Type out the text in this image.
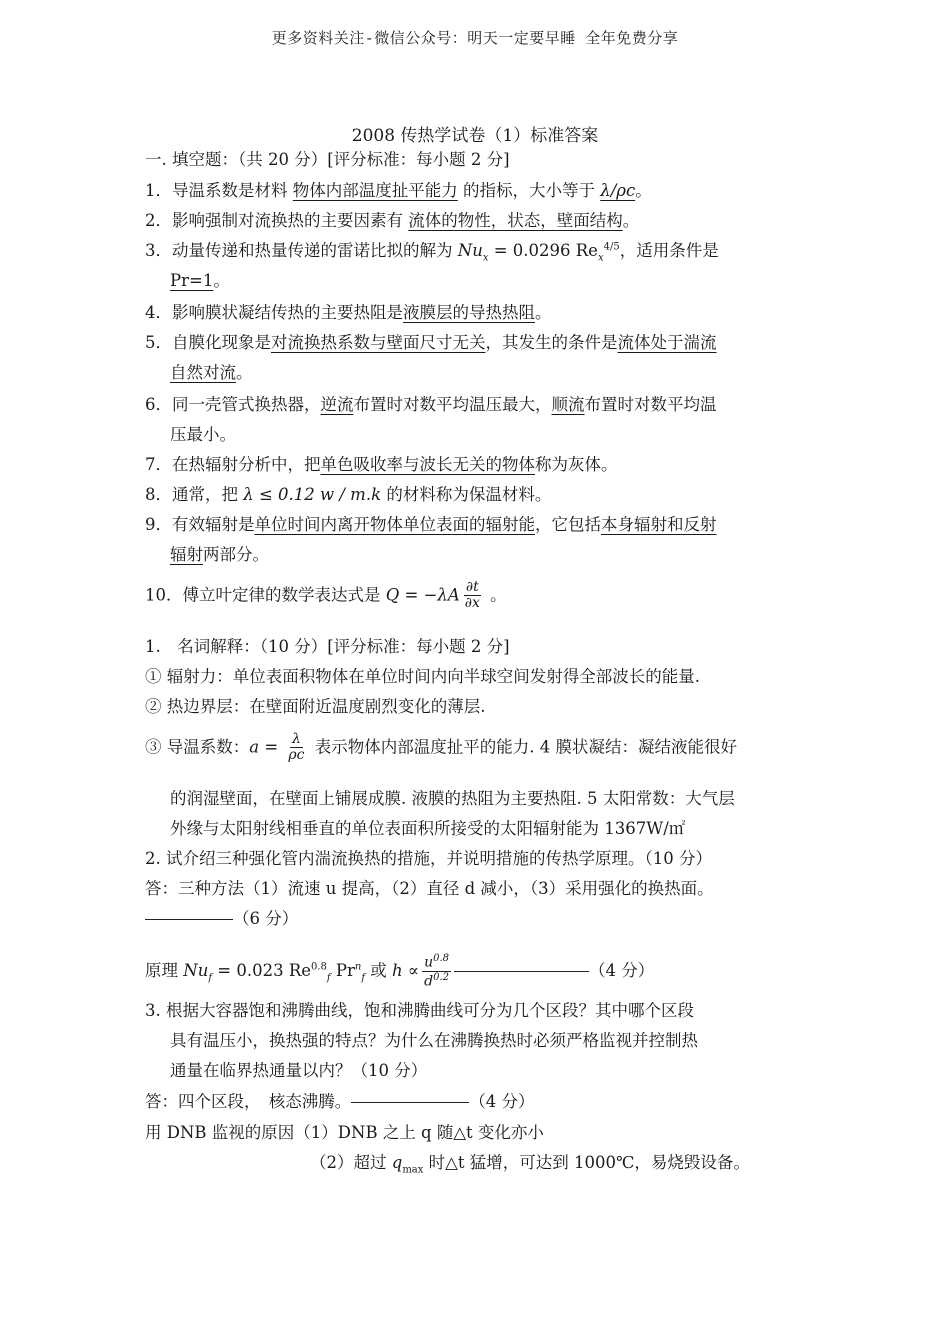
更多资料关注-微信公众号：明天一定要早睡 全年免费分享
2008 传热学试卷（1）标准答案
一. 填空题：（共 20 分）[评分标准：每小题 2 分]
1．导温系数是材料 物体内部温度扯平能力 的指标，大小等于 λ/ρc。
2．影响强制对流换热的主要因素有 流体的物性，状态，壁面结构。
3．动量传递和热量传递的雷诺比拟的解为 $Nu_x = 0.0296$ $Re_x^{4/5}$，适用条件是
Pr=1。
4．影响膜状凝结传热的主要热阻是液膜层的导热热阻。
5．自膜化现象是对流换热系数与壁面尺寸无关，其发生的条件是流体处于湍流
自然对流。
6．同一壳管式换热器，逆流布置时对数平均温压最大，顺流布置时对数平均温
压最小。
7．在热辐射分析中，把单色吸收率与波长无关的物体称为灰体。
8．通常，把 λ ≤ 0.12 w / m.k 的材料称为保温材料。
9．有效辐射是单位时间内离开物体单位表面的辐射能，它包括本身辐射和反射
辐射两部分。
10．傅立叶定律的数学表达式是 $Q = -\lambda A \frac{\partial t}{\partial x}$ 。
1.　名词解释：（10 分）[评分标准：每小题 2 分]
① 辐射力：单位表面积物体在单位时间内向半球空间发射得全部波长的能量.
② 热边界层：在壁面附近温度剧烈变化的薄层.
③ 导温系数：$a = \frac{\lambda}{\rho c}$ 表示物体内部温度扯平的能力. 4 膜状凝结：凝结液能很好
的润湿壁面，在壁面上铺展成膜. 液膜的热阻为主要热阻. 5 太阳常数：大气层
外缘与太阳射线相垂直的单位表面积所接受的太阳辐射能为 1367W/㎡
2. 试介绍三种强化管内湍流换热的措施，并说明措施的传热学原理。（10 分）
答：三种方法（1）流速 u 提高，（2）直径 d 减小，（3）采用强化的换热面。
（6 分）
原理 $Nu_f = 0.023$ $Re^{0.8}_f$ $Pr^n_f$ 或 $h \propto \frac{u^{0.8}}{d^{0.2}}$	（4 分）
3. 根据大容器饱和沸腾曲线，饱和沸腾曲线可分为几个区段？其中哪个区段
具有温压小，换热强的特点？为什么在沸腾换热时必须严格监视并控制热
通量在临界热通量以内？（10 分）
答：四个区段，　核态沸腾。	（4 分）
用 DNB 监视的原因（1）DNB 之上 q 随△t 变化亦小
（2）超过 $q_{max}$ 时△t 猛增，可达到 1000℃，易烧毁设备。
